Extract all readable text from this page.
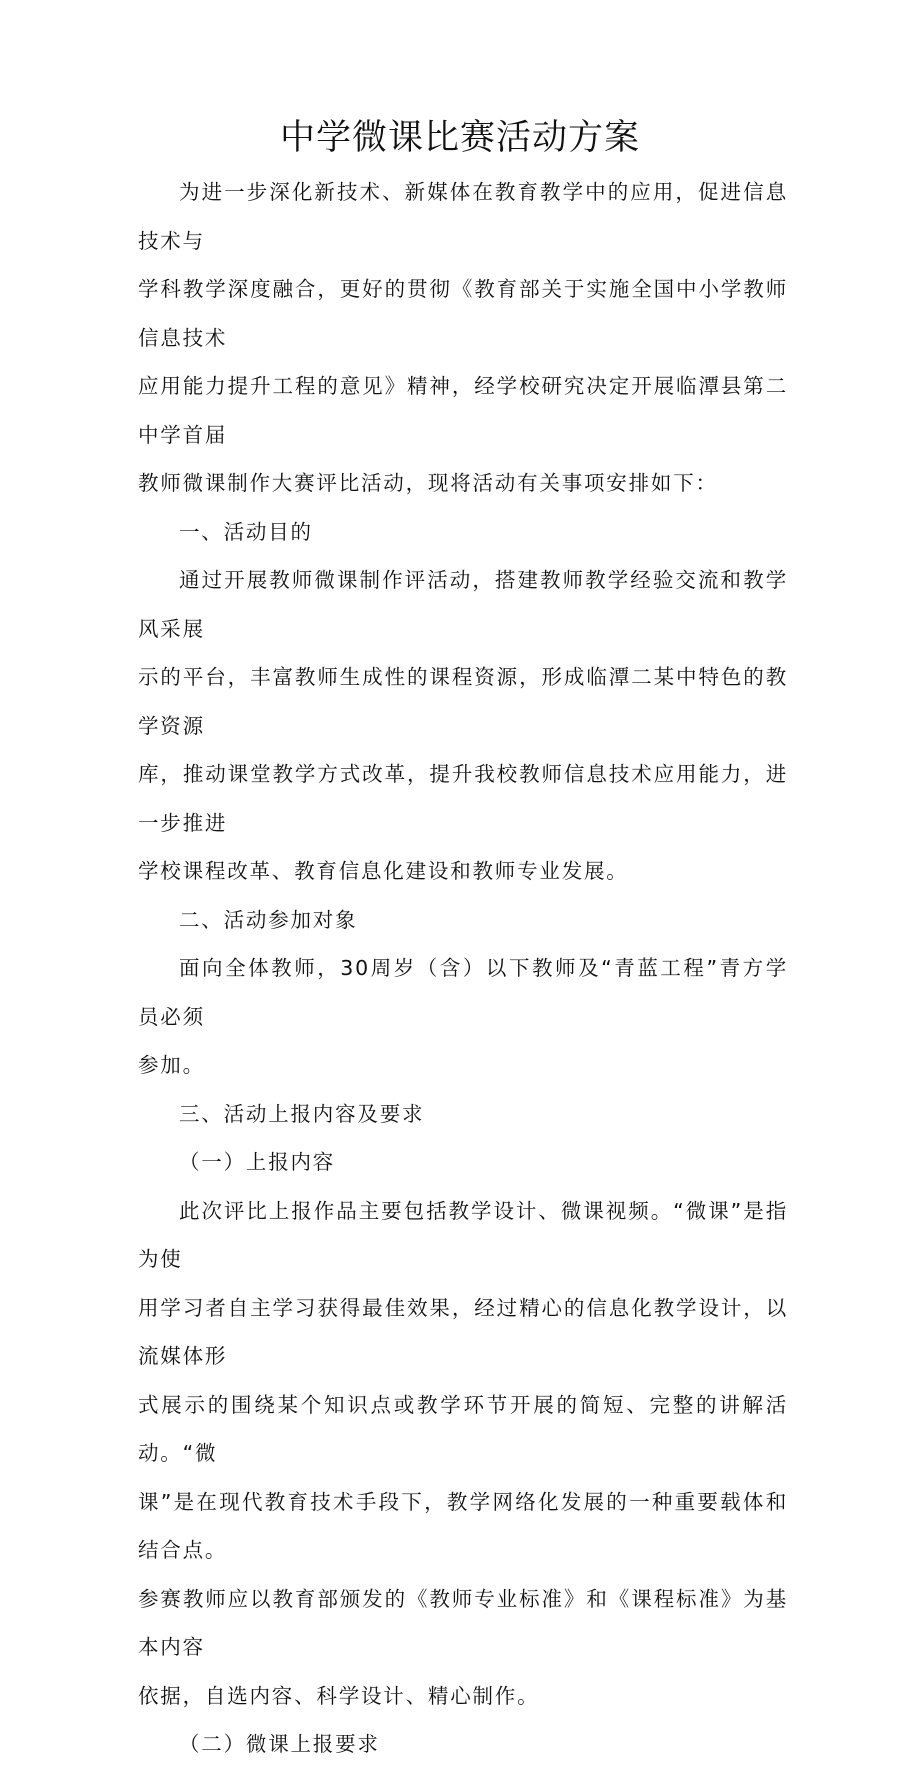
中学微课比赛活动方案

为进一步深化新技术、新媒体在教育教学中的应用，促进信息技术与
学科教学深度融合，更好的贯彻《教育部关于实施全国中小学教师信息技术
应用能力提升工程的意见》精神，经学校研究决定开展临潭县第二中学首届
教师微课制作大赛评比活动，现将活动有关事项安排如下：

一、活动目的

通过开展教师微课制作评活动，搭建教师教学经验交流和教学风采展
示的平台，丰富教师生成性的课程资源，形成临潭二某中特色的教学资源
库，推动课堂教学方式改革，提升我校教师信息技术应用能力，进一步推进
学校课程改革、教育信息化建设和教师专业发展。

二、活动参加对象

面向全体教师，30周岁（含）以下教师及“青蓝工程”青方学员必须
参加。

三、活动上报内容及要求

（一）上报内容

此次评比上报作品主要包括教学设计、微课视频。“微课”是指为使
用学习者自主学习获得最佳效果，经过精心的信息化教学设计，以流媒体形
式展示的围绕某个知识点或教学环节开展的简短、完整的讲解活动。“微
课”是在现代教育技术手段下，教学网络化发展的一种重要载体和结合点。
参赛教师应以教育部颁发的《教师专业标准》和《课程标准》为基本内容
依据，自选内容、科学设计、精心制作。

（二）微课上报要求
